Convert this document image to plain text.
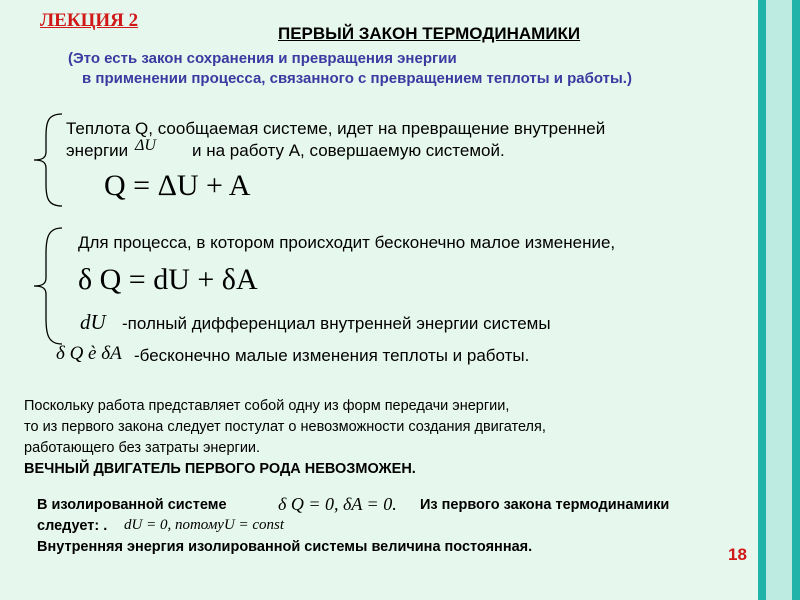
ЛЕКЦИЯ 2
ПЕРВЫЙ ЗАКОН ТЕРМОДИНАМИКИ
(Это есть закон сохранения и превращения энергии
в применении процесса, связанного с превращением теплоты и работы.)
Теплота Q, сообщаемая системе, идет на превращение внутренней
энергии ΔU и на работу А, совершаемую системой.
Q = ΔU + A
Для процесса, в котором происходит бесконечно малое изменение,
δ Q = dU + δA
dU -полный дифференциал внутренней энергии системы
δ Q è δA -бесконечно малые изменения теплоты и работы.
Поскольку работа представляет собой одну из форм передачи энергии,
то из первого закона следует постулат о невозможности создания двигателя,
работающего без затраты энергии.
ВЕЧНЫЙ ДВИГАТЕЛЬ ПЕРВОГО РОДА НЕВОЗМОЖЕН.
В изолированной системе	δ Q = 0, δA = 0. Из первого закона термодинамики
следует: . dU = 0, потомуU = const
Внутренняя энергия изолированной системы величина постоянная.	18
